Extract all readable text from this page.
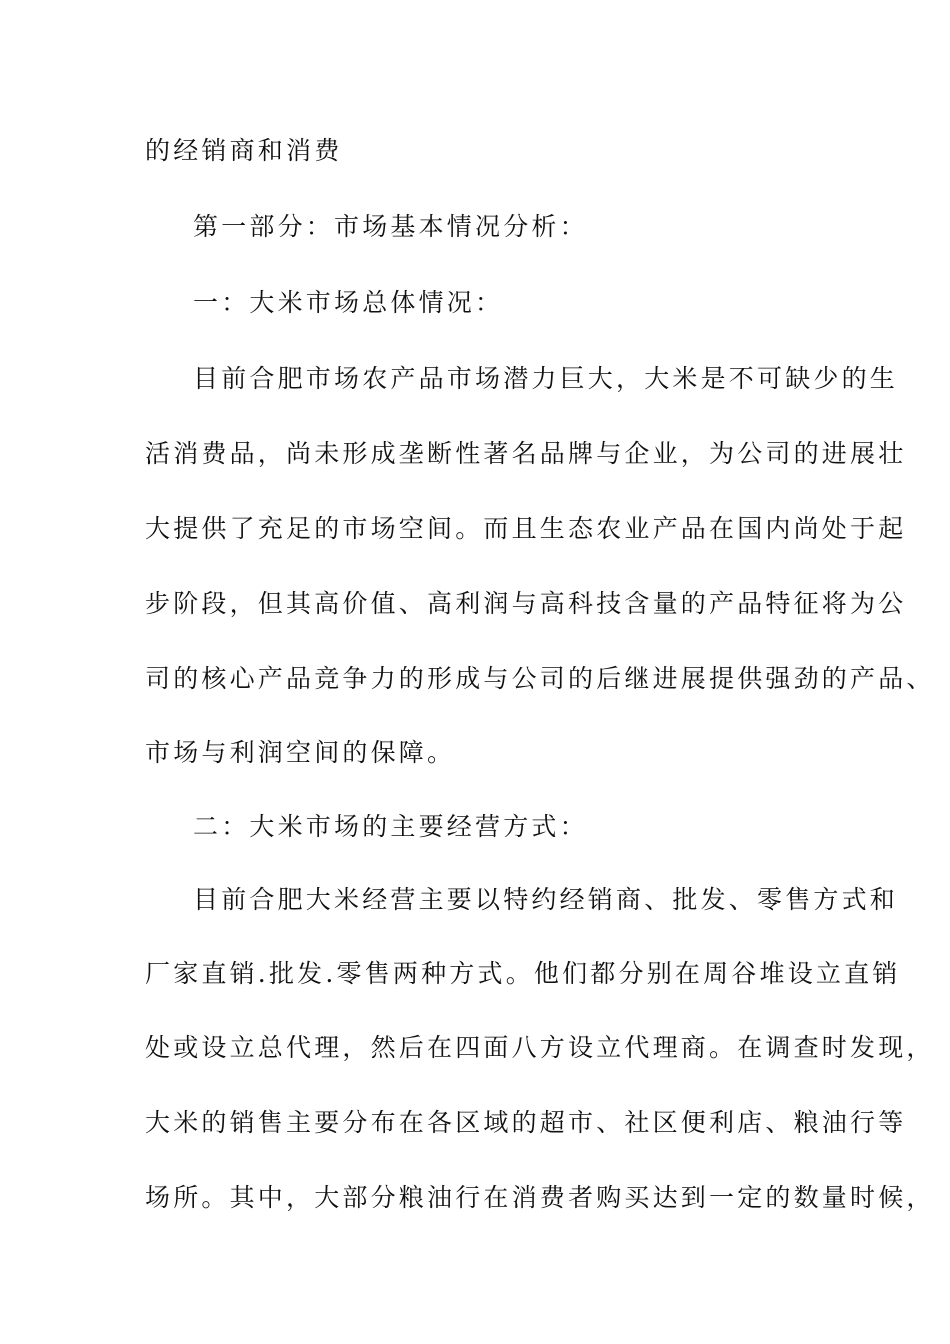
的经销商和消费
第一部分：市场基本情况分析：
一：大米市场总体情况：
目前合肥市场农产品市场潜力巨大，大米是不可缺少的生
活消费品，尚未形成垄断性著名品牌与企业，为公司的进展壮
大提供了充足的市场空间。而且生态农业产品在国内尚处于起
步阶段，但其高价值、高利润与高科技含量的产品特征将为公
司的核心产品竞争力的形成与公司的后继进展提供强劲的产品、
市场与利润空间的保障。
二：大米市场的主要经营方式：
目前合肥大米经营主要以特约经销商、批发、零售方式和
厂家直销.批发.零售两种方式。他们都分别在周谷堆设立直销
处或设立总代理，然后在四面八方设立代理商。在调查时发现，
大米的销售主要分布在各区域的超市、社区便利店、粮油行等
场所。其中，大部分粮油行在消费者购买达到一定的数量时候，
